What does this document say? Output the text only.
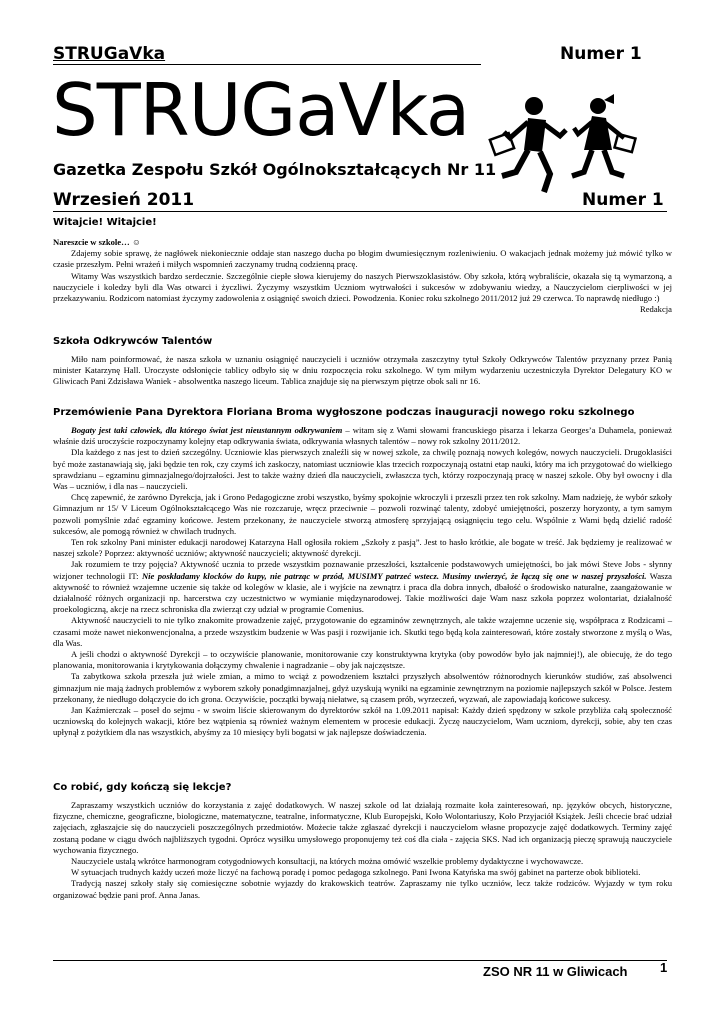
STRUGaVka	Numer 1
STRUGaVka
Gazetka Zespołu Szkół Ogólnokształcących Nr 11
Wrzesień 2011	Numer 1
Witajcie! Witajcie!

Nareszcie w szkole… ☺

Zdajemy sobie sprawę, że nagłówek niekoniecznie oddaje stan naszego ducha po błogim dwumiesięcznym rozleniwieniu. O wakacjach jednak możemy już mówić tylko w czasie przeszłym. Pełni wrażeń i miłych wspomnień zaczynamy trudną codzienną pracę.

Witamy Was wszystkich bardzo serdecznie. Szczególnie ciepłe słowa kierujemy do naszych Pierwszoklasistów. Oby szkoła, którą wybraliście, okazała się tą wymarzoną, a nauczyciele i koledzy byli dla Was otwarci i życzliwi. Życzymy wszystkim Uczniom wytrwałości i sukcesów w zdobywaniu wiedzy, a Nauczycielom cierpliwości w jej przekazywaniu. Rodzicom natomiast życzymy zadowolenia z osiągnięć swoich dzieci. Powodzenia. Koniec roku szkolnego 2011/2012 już 29 czerwca. To naprawdę niedługo :)

Redakcja

Szkoła Odkrywców Talentów

Miło nam poinformować, że nasza szkoła w uznaniu osiągnięć nauczycieli i uczniów otrzymała zaszczytny tytuł Szkoły Odkrywców Talentów przyznany przez Panią minister Katarzynę Hall. Uroczyste odsłonięcie tablicy odbyło się w dniu rozpoczęcia roku szkolnego. W tym miłym wydarzeniu uczestniczyła Dyrektor Delegatury KO w Gliwicach Pani Zdzisława Waniek - absolwentka naszego liceum. Tablica znajduje się na pierwszym piętrze obok sali nr 16.

Przemówienie Pana Dyrektora Floriana Broma wygłoszone podczas inauguracji nowego roku szkolnego

Bogaty jest taki człowiek, dla którego świat jest nieustannym odkrywaniem – witam się z Wami słowami francuskiego pisarza i lekarza Georges’a Duhamela, ponieważ właśnie dziś uroczyście rozpoczynamy kolejny etap odkrywania świata, odkrywania własnych talentów – nowy rok szkolny 2011/2012.

Dla każdego z nas jest to dzień szczególny. Uczniowie klas pierwszych znaleźli się w nowej szkole, za chwilę poznają nowych kolegów, nowych nauczycieli. Drugoklasiści być może zastanawiają się, jaki będzie ten rok, czy czymś ich zaskoczy, natomiast uczniowie klas trzecich rozpoczynają ostatni etap nauki, który ma ich przygotować do wielkiego sprawdzianu – egzaminu gimnazjalnego/dojrzałości. Jest to także ważny dzień dla nauczycieli, zwłaszcza tych, którzy rozpoczynają pracę w naszej szkole. Oby był owocny i dla Was – uczniów, i dla nas – nauczycieli.

Chcę zapewnić, że zarówno Dyrekcja, jak i Grono Pedagogiczne zrobi wszystko, byśmy spokojnie wkroczyli i przeszli przez ten rok szkolny. Mam nadzieję, że wybór szkoły Gimnazjum nr 15/ V Liceum Ogólnokształcącego Was nie rozczaruje, wręcz przeciwnie – pozwoli rozwinąć talenty, zdobyć umiejętności, poszerzy horyzonty, a tym samym pozwoli pomyślnie zdać egzaminy końcowe. Jestem przekonany, że nauczyciele stworzą atmosferę sprzyjającą osiągnięciu tego celu. Wspólnie z Wami będą dzielić radość sukcesów, ale pomogą również w chwilach trudnych.

Ten rok szkolny Pani minister edukacji narodowej Katarzyna Hall ogłosiła rokiem „Szkoły z pasją”. Jest to hasło krótkie, ale bogate w treść. Jak będziemy je realizować w naszej szkole? Poprzez: aktywność uczniów; aktywność nauczycieli; aktywność dyrekcji.

Jak rozumiem te trzy pojęcia? Aktywność ucznia to przede wszystkim poznawanie przeszłości, kształcenie podstawowych umiejętności, bo jak mówi Steve Jobs - słynny wizjoner technologii IT: Nie poskładamy klocków do kupy, nie patrząc w przód, MUSIMY patrzeć wstecz. Musimy uwierzyć, że łączą się one w naszej przyszłości. Wasza aktywność to również wzajemne uczenie się także od kolegów w klasie, ale i wyjście na zewnątrz i praca dla dobra innych, dbałość o środowisko naturalne, zaangażowanie w działalność różnych organizacji np. harcerstwa czy uczestnictwo w wymianie międzynarodowej. Takie możliwości daje Wam nasz szkoła poprzez wolontariat, działalność proekologiczną, akcje na rzecz schroniska dla zwierząt czy udział w programie Comenius.

Aktywność nauczycieli to nie tylko znakomite prowadzenie zajęć, przygotowanie do egzaminów zewnętrznych, ale także wzajemne uczenie się, współpraca z Rodzicami – czasami może nawet niekonwencjonalna, a przede wszystkim budzenie w Was pasji i rozwijanie ich. Skutki tego będą kola zainteresowań, które zostały stworzone z myślą o Was, dla Was.

A jeśli chodzi o aktywność Dyrekcji – to oczywiście planowanie, monitorowanie czy konstruktywna krytyka (oby powodów było jak najmniej!), ale obiecuję, że do tego planowania, monitorowania i krytykowania dołączymy chwalenie i nagradzanie – oby jak najczęstsze.

Ta zabytkowa szkoła przeszła już wiele zmian, a mimo to wciąż z powodzeniem kształci przyszłych absolwentów różnorodnych kierunków studiów, zaś absolwenci gimnazjum nie mają żadnych problemów z wyborem szkoły ponadgimnazjalnej, gdyż uzyskują wyniki na egzaminie zewnętrznym na poziomie najlepszych szkół w Polsce. Jestem przekonany, że niedługo dołączycie do ich grona. Oczywiście, początki bywają niełatwe, są czasem prób, wyrzeczeń, wyzwań, ale zapowiadają końcowe sukcesy.

Jan Kaźmierczak – poseł do sejmu - w swoim liście skierowanym do dyrektorów szkół na 1.09.2011 napisał: Każdy dzień spędzony w szkole przybliża całą społeczność uczniowską do kolejnych wakacji, które bez wątpienia są również ważnym elementem w procesie edukacji. Życzę nauczycielom, Wam uczniom, dyrekcji, sobie, aby ten czas upłynął z pożytkiem dla nas wszystkich, abyśmy za 10 miesięcy byli bogatsi w jak najlepsze doświadczenia.

Co robić, gdy kończą się lekcje?

Zapraszamy wszystkich uczniów do korzystania z zajęć dodatkowych. W naszej szkole od lat działają rozmaite koła zainteresowań, np. języków obcych, historyczne, fizyczne, chemiczne, geograficzne, biologiczne, matematyczne, teatralne, informatyczne, Klub Europejski, Koło Wolontariuszy, Koło Przyjaciół Książek. Jeśli chcecie brać udział zajęciach, zgłaszajcie się do nauczycieli poszczególnych przedmiotów. Możecie także zgłaszać dyrekcji i nauczycielom własne propozycje zajęć dodatkowych. Terminy zajęć zostaną podane w ciągu dwóch najbliższych tygodni. Oprócz wysiłku umysłowego proponujemy też coś dla ciała - zajęcia SKS. Nad ich organizacją pieczę sprawują nauczyciele wychowania fizycznego.

Nauczyciele ustalą wkrótce harmonogram cotygodniowych konsultacji, na których można omówić wszelkie problemy dydaktyczne i wychowawcze.

W sytuacjach trudnych każdy uczeń może liczyć na fachową poradę i pomoc pedagoga szkolnego. Pani Iwona Katyńska ma swój gabinet na parterze obok biblioteki.

Tradycją naszej szkoły stały się comiesięczne sobotnie wyjazdy do krakowskich teatrów. Zapraszamy nie tylko uczniów, lecz także rodziców. Wyjazdy w tym roku organizować będzie pani prof. Anna Janas.

ZSO NR 11 w Gliwicach	1
